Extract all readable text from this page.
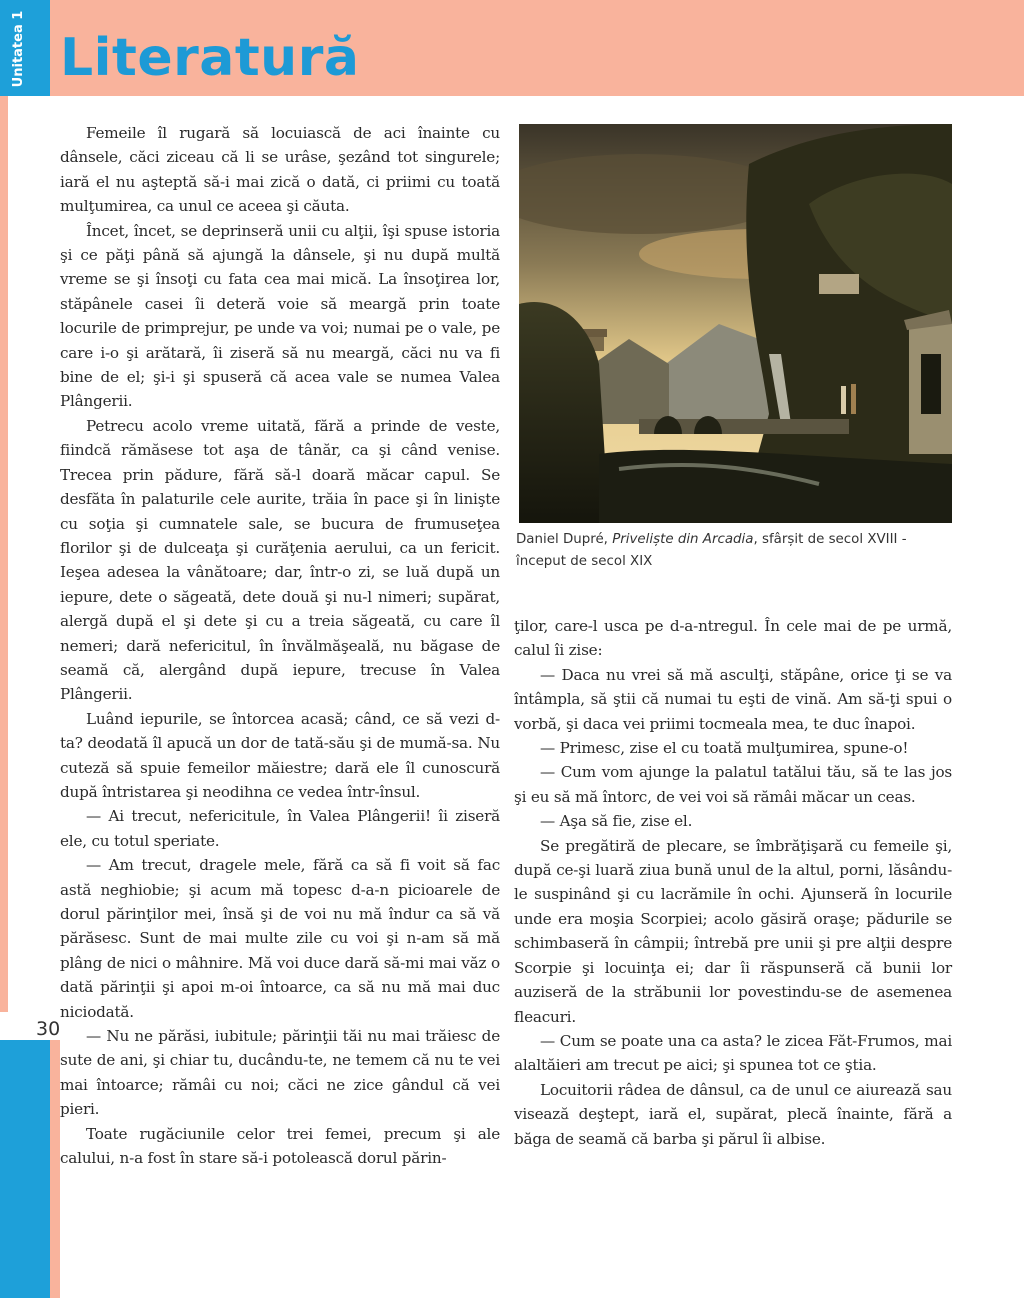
Unitatea 1 Literatură

Femeile îl rugară să locuiască de aci înainte cu dânsele, căci ziceau că li se urâse, şezând tot singurele; iară el nu aşteptă să-i mai zică o dată, ci priimi cu toată mulţumirea, ca unul ce aceea şi căuta.

Încet, încet, se deprinseră unii cu alţii, îşi spuse istoria şi ce păţi până să ajungă la dânsele, şi nu după multă vreme se şi însoţi cu fata cea mai mică. La însoţirea lor, stăpânele casei îi deteră voie să meargă prin toate locurile de primprejur, pe unde va voi; numai pe o vale, pe care i-o şi arătară, îi ziseră să nu meargă, căci nu va fi bine de el; şi-i şi spuseră că acea vale se numea Valea Plângerii.

Petrecu acolo vreme uitată, fără a prinde de veste, fiindcă rămăsese tot aşa de tânăr, ca şi când venise. Trecea prin pădure, fără să-l doară măcar capul. Se desfăta în palaturile cele aurite, trăia în pace şi în linişte cu soţia şi cumnatele sale, se bucura de frumuseţea florilor şi de dulceaţa şi curăţenia aerului, ca un fericit. Ieşea adesea la vânătoare; dar, într-o zi, se luă după un iepure, dete o săgeată, dete două şi nu-l nimeri; supărat, alergă după el şi dete şi cu a treia săgeată, cu care îl nemeri; dară nefericitul, în învălmăşeală, nu băgase de seamă că, alergând după iepure, trecuse în Valea Plângerii.

Luând iepurile, se întorcea acasă; când, ce să vezi d-ta? deodată îl apucă un dor de tată-său şi de mumă-sa. Nu cuteză să spuie femeilor măiestre; dară ele îl cunoscură după întristarea şi neodihna ce vedea într-însul.

— Ai trecut, nefericitule, în Valea Plângerii! îi ziseră ele, cu totul speriate.

— Am trecut, dragele mele, fără ca să fi voit să fac astă neghiobie; şi acum mă topesc d-a-n picioarele de dorul părinţilor mei, însă şi de voi nu mă îndur ca să vă părăsesc. Sunt de mai multe zile cu voi şi n-am să mă plâng de nici o mâhnire. Mă voi duce dară să-mi mai văz o dată părinţii şi apoi m-oi întoarce, ca să nu mă mai duc niciodată.

— Nu ne părăsi, iubitule; părinţii tăi nu mai trăiesc de sute de ani, şi chiar tu, ducându-te, ne temem că nu te vei mai întoarce; rămâi cu noi; căci ne zice gândul că vei pieri.

Toate rugăciunile celor trei femei, precum şi ale calului, n-a fost în stare să-i potolească dorul părin-

Daniel Dupré, Priveliște din Arcadia, sfârșit de secol XVIII - început de secol XIX

ţilor, care-l usca pe d-a-ntregul. În cele mai de pe urmă, calul îi zise:

— Daca nu vrei să mă asculţi, stăpâne, orice ţi se va întâmpla, să ştii că numai tu eşti de vină. Am să-ţi spui o vorbă, şi daca vei priimi tocmeala mea, te duc înapoi.

— Primesc, zise el cu toată mulţumirea, spune-o!

— Cum vom ajunge la palatul tatălui tău, să te las jos şi eu să mă întorc, de vei voi să rămâi măcar un ceas.

— Aşa să fie, zise el.

Se pregătiră de plecare, se îmbrăţişară cu femeile şi, după ce-şi luară ziua bună unul de la altul, porni, lăsându-le suspinând şi cu lacrămile în ochi. Ajunseră în locurile unde era moşia Scorpiei; acolo găsiră oraşe; pădurile se schimbaseră în câmpii; întrebă pre unii şi pre alţii despre Scorpie şi locuinţa ei; dar îi răspunseră că bunii lor auziseră de la străbunii lor povestindu-se de asemenea fleacuri.

— Cum se poate una ca asta? le zicea Făt-Frumos, mai alaltăieri am trecut pe aici; şi spunea tot ce ştia.

Locuitorii râdea de dânsul, ca de unul ce aiurează sau visează deştept, iară el, supărat, plecă înainte, fără a băga de seamă că barba şi părul îi albise.

30
